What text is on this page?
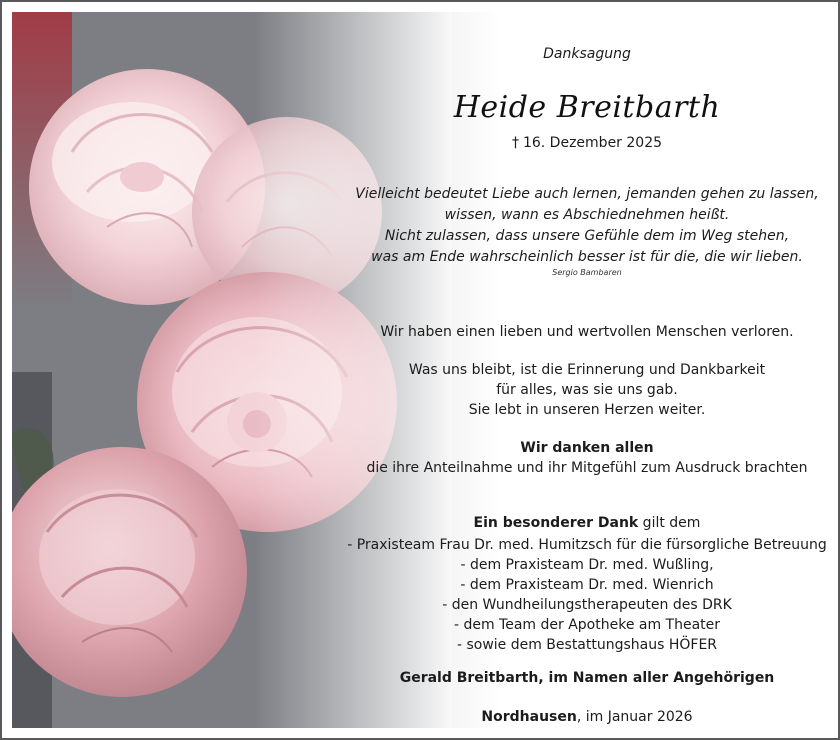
Danksagung
Heide Breitbarth
† 16. Dezember 2025
Vielleicht bedeutet Liebe auch lernen, jemanden gehen zu lassen,
wissen, wann es Abschiednehmen heißt.
Nicht zulassen, dass unsere Gefühle dem im Weg stehen,
was am Ende wahrscheinlich besser ist für die, die wir lieben.
Sergio Bambaren
Wir haben einen lieben und wertvollen Menschen verloren.
Was uns bleibt, ist die Erinnerung und Dankbarkeit
für alles, was sie uns gab.
Sie lebt in unseren Herzen weiter.
Wir danken allen
die ihre Anteilnahme und ihr Mitgefühl zum Ausdruck brachten
Ein besonderer Dank gilt dem
- Praxisteam Frau Dr. med. Humitzsch für die fürsorgliche Betreuung
- dem Praxisteam Dr. med. Wußling,
- dem Praxisteam Dr. med. Wienrich
- den Wundheilungstherapeuten des DRK
- dem Team der Apotheke am Theater
- sowie dem Bestattungshaus HÖFER
Gerald Breitbarth, im Namen aller Angehörigen
Nordhausen, im Januar 2026
